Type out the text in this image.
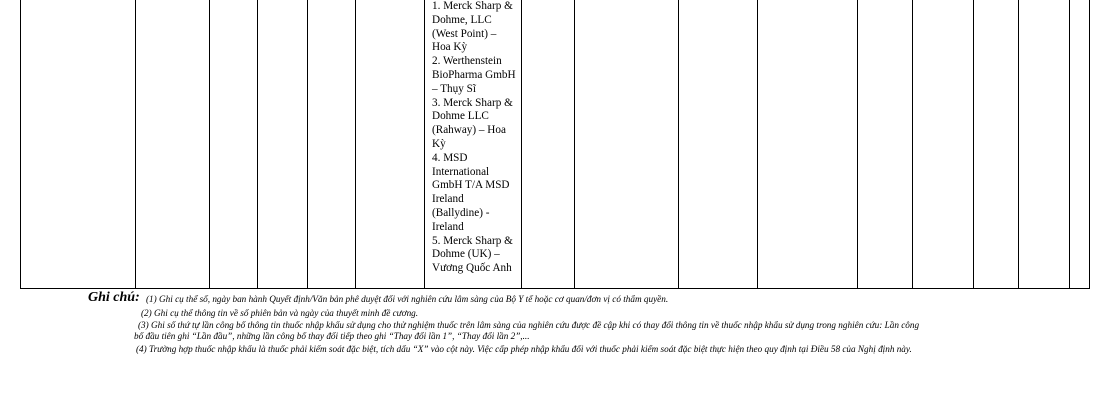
1. Merck Sharp &
Dohme, LLC
(West Point) –
Hoa Kỳ
2. Werthenstein
BioPharma GmbH
– Thụy Sĩ
3. Merck Sharp &
Dohme LLC
(Rahway) – Hoa
Kỳ
4. MSD
International
GmbH T/A MSD
Ireland
(Ballydine) -
Ireland
5. Merck Sharp &
Dohme (UK) –
Vương Quốc Anh

Ghi chú: (1) Ghi cụ thể số, ngày ban hành Quyết định/Văn bản phê duyệt đối với nghiên cứu lâm sàng của Bộ Y tế hoặc cơ quan/đơn vị có thẩm quyền.
(2) Ghi cụ thể thông tin về số phiên bản và ngày của thuyết minh đề cương.
(3) Ghi số thứ tự lần công bố thông tin thuốc nhập khẩu sử dụng cho thử nghiệm thuốc trên lâm sàng của nghiên cứu được đề cập khi có thay đổi thông tin về thuốc nhập khẩu sử dụng trong nghiên cứu: Lần công
bố đầu tiên ghi “Lần đầu”, những lần công bố thay đổi tiếp theo ghi “Thay đổi lần 1”, “Thay đổi lần 2”,...
(4) Trường hợp thuốc nhập khẩu là thuốc phải kiểm soát đặc biệt, tích dấu “X” vào cột này. Việc cấp phép nhập khẩu đối với thuốc phải kiểm soát đặc biệt thực hiện theo quy định tại Điều 58 của Nghị định này.
